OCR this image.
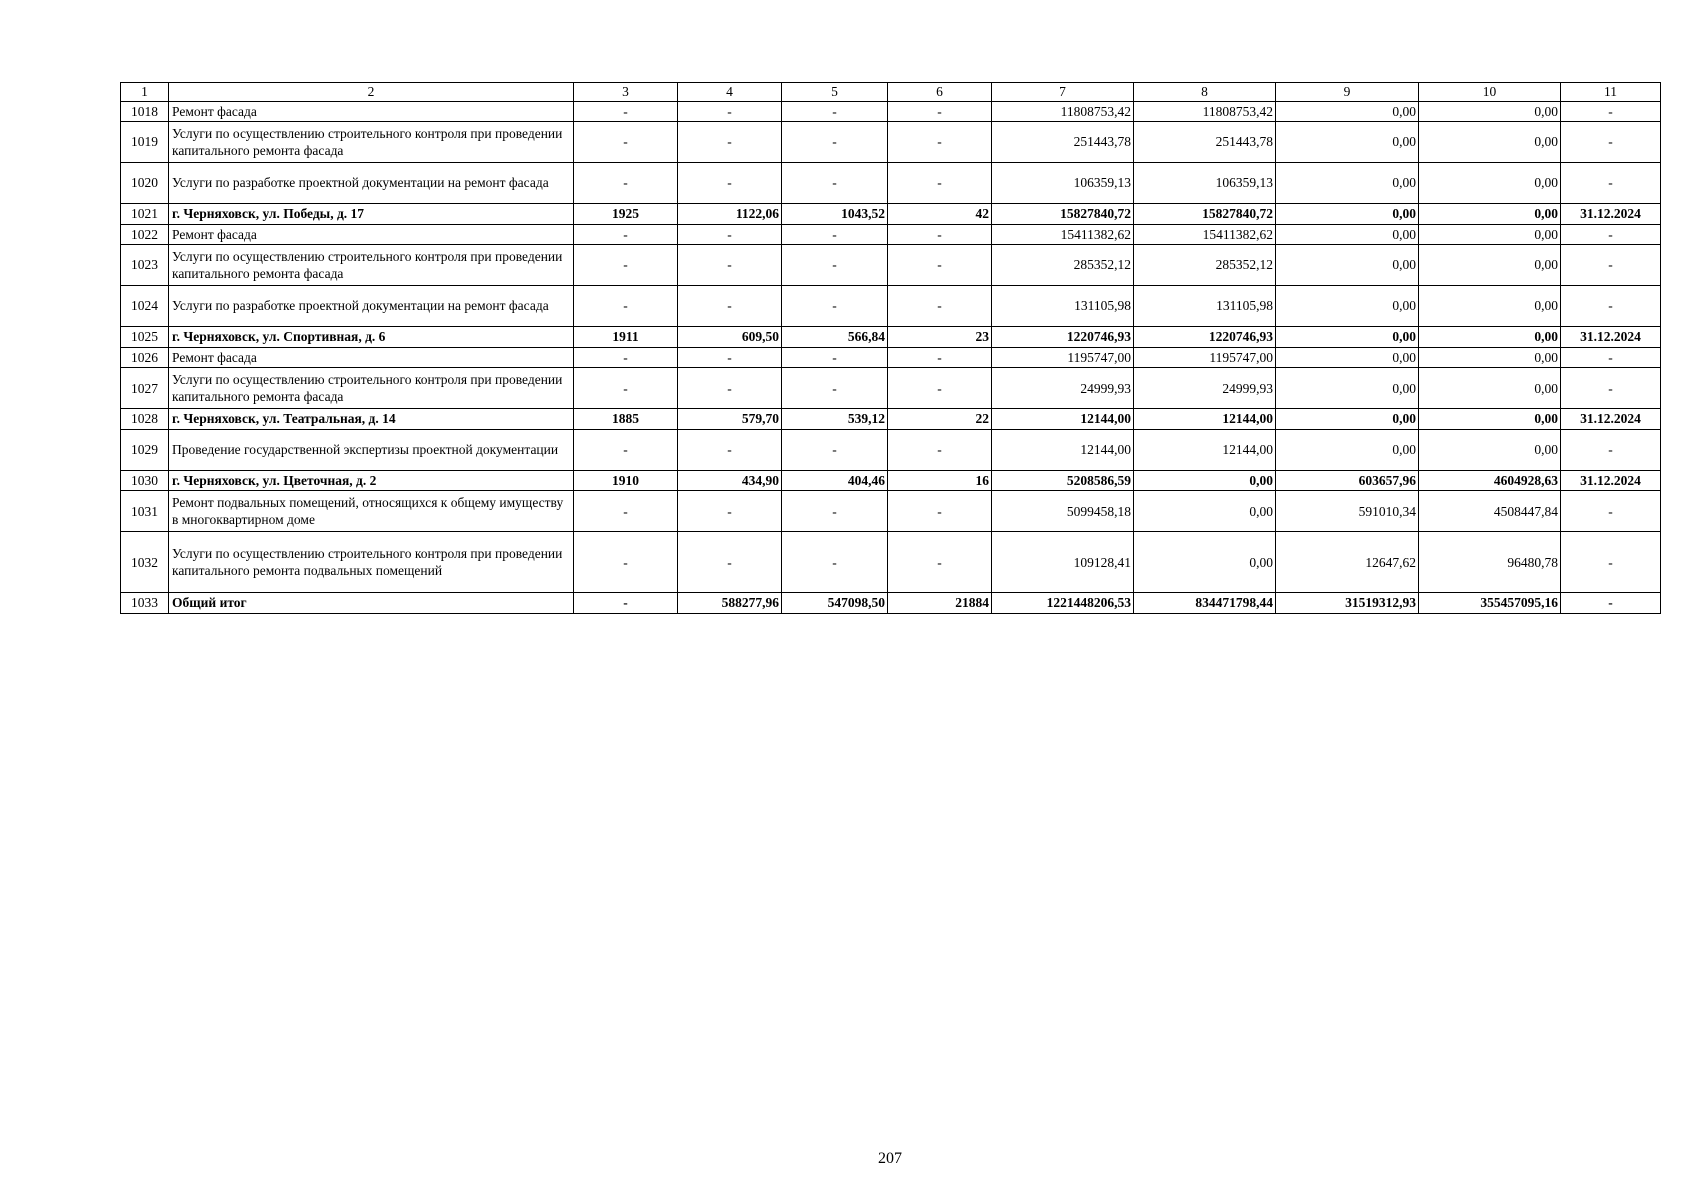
1	2	3	4	5	6	7	8	9	10	11
1018	Ремонт фасада	-	-	-	-	11808753,42	11808753,42	0,00	0,00	-
1019	Услуги по осуществлению строительного контроля при проведении капитального ремонта фасада	-	-	-	-	251443,78	251443,78	0,00	0,00	-
1020	Услуги по разработке проектной документации на ремонт фасада	-	-	-	-	106359,13	106359,13	0,00	0,00	-
1021	г. Черняховск, ул. Победы, д. 17	1925	1122,06	1043,52	42	15827840,72	15827840,72	0,00	0,00	31.12.2024
1022	Ремонт фасада	-	-	-	-	15411382,62	15411382,62	0,00	0,00	-
1023	Услуги по осуществлению строительного контроля при проведении капитального ремонта фасада	-	-	-	-	285352,12	285352,12	0,00	0,00	-
1024	Услуги по разработке проектной документации на ремонт фасада	-	-	-	-	131105,98	131105,98	0,00	0,00	-
1025	г. Черняховск, ул. Спортивная, д. 6	1911	609,50	566,84	23	1220746,93	1220746,93	0,00	0,00	31.12.2024
1026	Ремонт фасада	-	-	-	-	1195747,00	1195747,00	0,00	0,00	-
1027	Услуги по осуществлению строительного контроля при проведении капитального ремонта фасада	-	-	-	-	24999,93	24999,93	0,00	0,00	-
1028	г. Черняховск, ул. Театральная, д. 14	1885	579,70	539,12	22	12144,00	12144,00	0,00	0,00	31.12.2024
1029	Проведение государственной экспертизы проектной документации	-	-	-	-	12144,00	12144,00	0,00	0,00	-
1030	г. Черняховск, ул. Цветочная, д. 2	1910	434,90	404,46	16	5208586,59	0,00	603657,96	4604928,63	31.12.2024
1031	Ремонт подвальных помещений, относящихся к общему имуществу в многоквартирном доме	-	-	-	-	5099458,18	0,00	591010,34	4508447,84	-
1032	Услуги по осуществлению строительного контроля при проведении капитального ремонта подвальных помещений	-	-	-	-	109128,41	0,00	12647,62	96480,78	-
1033	Общий итог	-	588277,96	547098,50	21884	1221448206,53	834471798,44	31519312,93	355457095,16	-
207
